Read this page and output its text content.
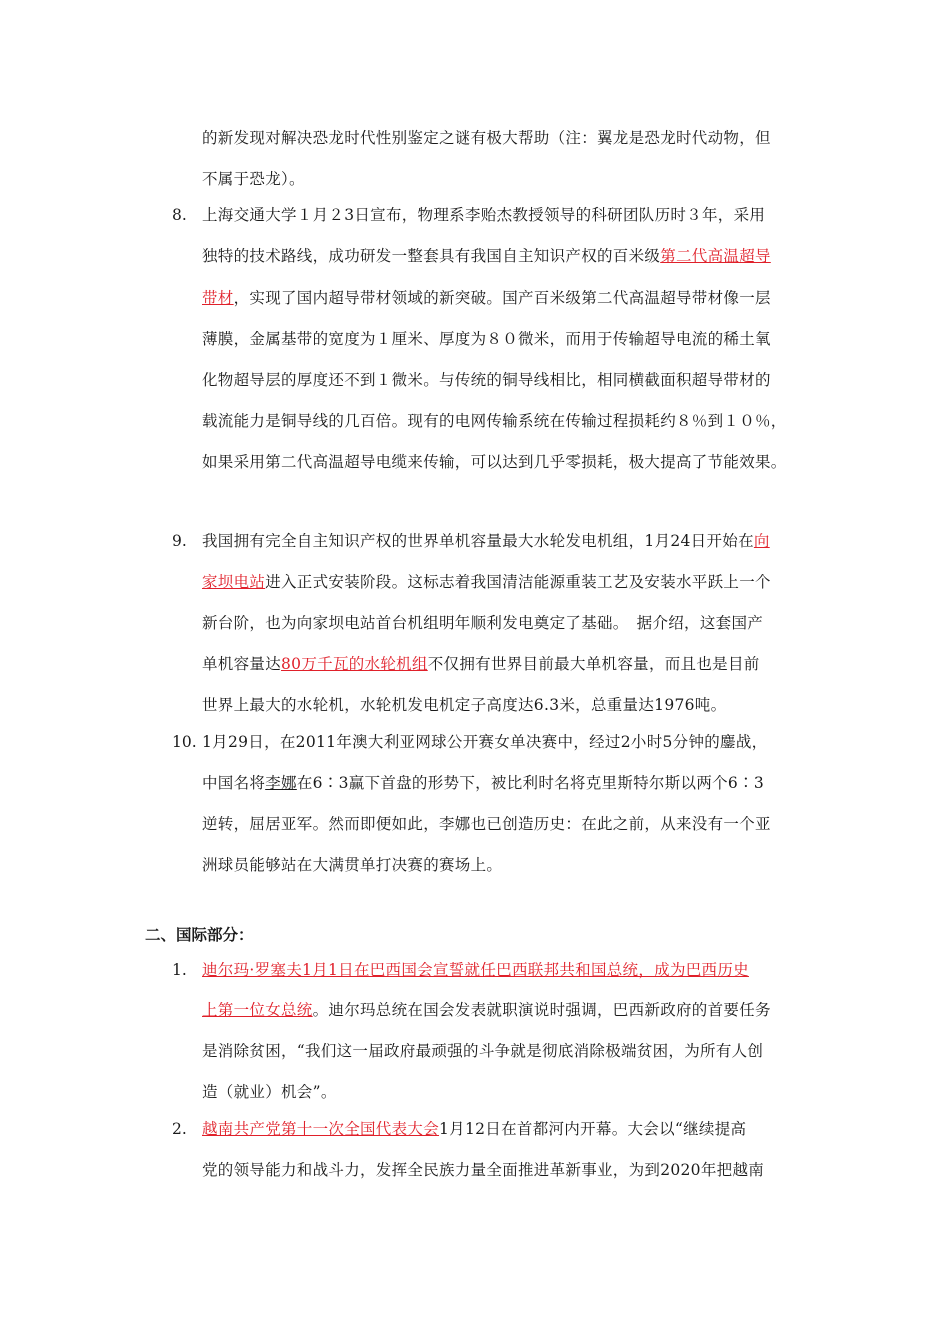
的新发现对解决恐龙时代性别鉴定之谜有极大帮助（注：翼龙是恐龙时代动物，但
不属于恐龙）。
8. 上海交通大学１月２3日宣布，物理系李贻杰教授领导的科研团队历时３年，采用
独特的技术路线，成功研发一整套具有我国自主知识产权的百米级第二代高温超导
带材，实现了国内超导带材领域的新突破。国产百米级第二代高温超导带材像一层
薄膜，金属基带的宽度为１厘米、厚度为８０微米，而用于传输超导电流的稀土氧
化物超导层的厚度还不到１微米。与传统的铜导线相比，相同横截面积超导带材的
载流能力是铜导线的几百倍。现有的电网传输系统在传输过程损耗约８％到１０％，
如果采用第二代高温超导电缆来传输，可以达到几乎零损耗，极大提高了节能效果。
9. 我国拥有完全自主知识产权的世界单机容量最大水轮发电机组，1月24日开始在向
家坝电站进入正式安装阶段。这标志着我国清洁能源重装工艺及安装水平跃上一个
新台阶，也为向家坝电站首台机组明年顺利发电奠定了基础。　据介绍，这套国产
单机容量达80万千瓦的水轮机组不仅拥有世界目前最大单机容量，而且也是目前
世界上最大的水轮机，水轮机发电机定子高度达6.3米，总重量达1976吨。
10. 1月29日，在2011年澳大利亚网球公开赛女单决赛中，经过2小时5分钟的鏖战，
中国名将李娜在6∶3赢下首盘的形势下，被比利时名将克里斯特尔斯以两个6∶3
逆转，屈居亚军。然而即便如此，李娜也已创造历史：在此之前，从来没有一个亚
洲球员能够站在大满贯单打决赛的赛场上。
二、国际部分：
1. 迪尔玛·罗塞夫1月1日在巴西国会宣誓就任巴西联邦共和国总统，成为巴西历史
上第一位女总统。迪尔玛总统在国会发表就职演说时强调，巴西新政府的首要任务
是消除贫困，“我们这一届政府最顽强的斗争就是彻底消除极端贫困，为所有人创
造（就业）机会”。
2. 越南共产党第十一次全国代表大会1月12日在首都河内开幕。大会以“继续提高
党的领导能力和战斗力，发挥全民族力量全面推进革新事业，为到2020年把越南
